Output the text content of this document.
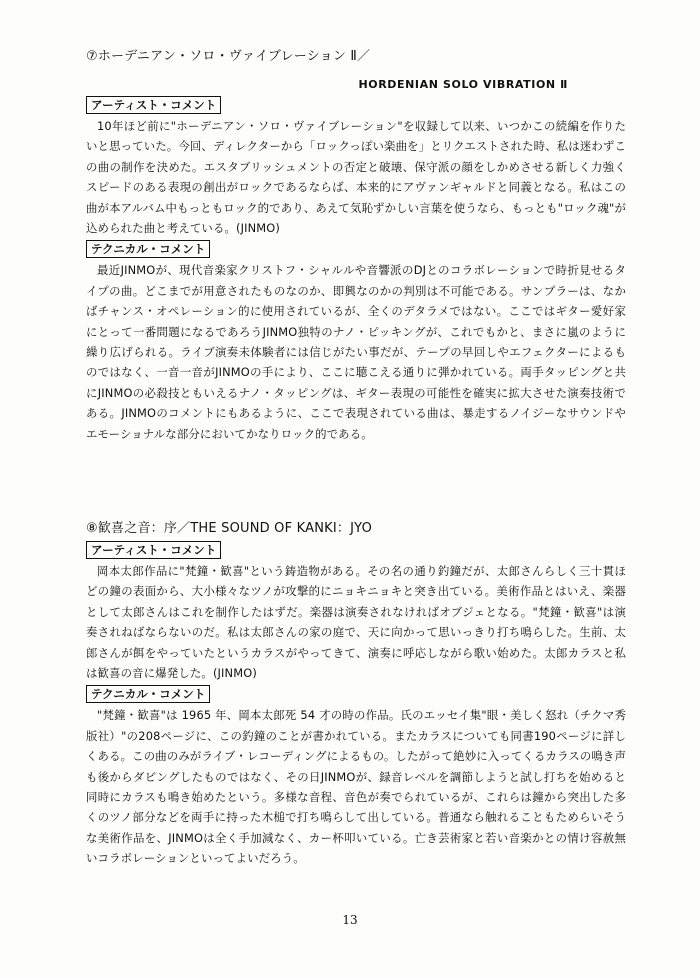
⑦ホーデニアン・ソロ・ヴァイブレーション Ⅱ／
HORDENIAN SOLO VIBRATION Ⅱ
アーティスト・コメント

10年ほど前に"ホーデニアン・ソロ・ヴァイブレーション"を収録して以来、いつかこの続編を作りたいと思っていた。今回、ディレクターから「ロックっぽい楽曲を」とリクエストされた時、私は迷わずこの曲の制作を決めた。エスタブリッシュメントの否定と破壊、保守派の顔をしかめさせる新しく力強くスピードのある表現の創出がロックであるならば、本来的にアヴァンギャルドと同義となる。私はこの曲が本アルバム中もっともロック的であり、あえて気恥ずかしい言葉を使うなら、もっとも"ロック魂"が込められた曲と考えている。(JINMO)

テクニカル・コメント

最近JINMOが、現代音楽家クリストフ・シャルルや音響派のDJとのコラボレーションで時折見せるタイプの曲。どこまでが用意されたものなのか、即興なのかの判別は不可能である。サンプラーは、なかばチャンス・オペレーション的に使用されているが、全くのデタラメではない。ここではギター愛好家にとって一番問題になるであろうJINMO独特のナノ・ピッキングが、これでもかと、まさに嵐のように繰り広げられる。ライブ演奏未体験者には信じがたい事だが、テープの早回しやエフェクターによるものではなく、一音一音がJINMOの手により、ここに聴こえる通りに弾かれている。両手タッピングと共にJINMOの必殺技ともいえるナノ・タッピングは、ギター表現の可能性を確実に拡大させた演奏技術である。JINMOのコメントにもあるように、ここで表現されている曲は、暴走するノイジーなサウンドやエモーショナルな部分においてかなりロック的である。

⑧歓喜之音：序／THE SOUND OF KANKI：JYO
アーティスト・コメント

岡本太郎作品に"梵鐘・歓喜"という鋳造物がある。その名の通り釣鐘だが、太郎さんらしく三十貫ほどの鐘の表面から、大小様々なツノが攻撃的にニョキニョキと突き出ている。美術作品とはいえ、楽器として太郎さんはこれを制作したはずだ。楽器は演奏されなければオブジェとなる。"梵鐘・歓喜"は演奏されねばならないのだ。私は太郎さんの家の庭で、天に向かって思いっきり打ち鳴らした。生前、太郎さんが餌をやっていたというカラスがやってきて、演奏に呼応しながら歌い始めた。太郎カラスと私は歓喜の音に爆発した。(JINMO)

テクニカル・コメント

"梵鐘・歓喜"は 1965 年、岡本太郎死 54 才の時の作品。氏のエッセイ集"眼・美しく怒れ（チクマ秀版社）"の208ページに、この釣鐘のことが書かれている。またカラスについても同書190ページに詳しくある。この曲のみがライブ・レコーディングによるもの。したがって絶妙に入ってくるカラスの鳴き声も後からダビングしたものではなく、その日JINMOが、録音レベルを調節しようと試し打ちを始めると同時にカラスも鳴き始めたという。多様な音程、音色が奏でられているが、これらは鐘から突出した多くのツノ部分などを両手に持った木槌で打ち鳴らして出している。普通なら触れることもためらいそうな美術作品を、JINMOは全く手加減なく、カー杯叩いている。亡き芸術家と若い音楽かとの情け容赦無いコラボレーションといってよいだろう。

13
